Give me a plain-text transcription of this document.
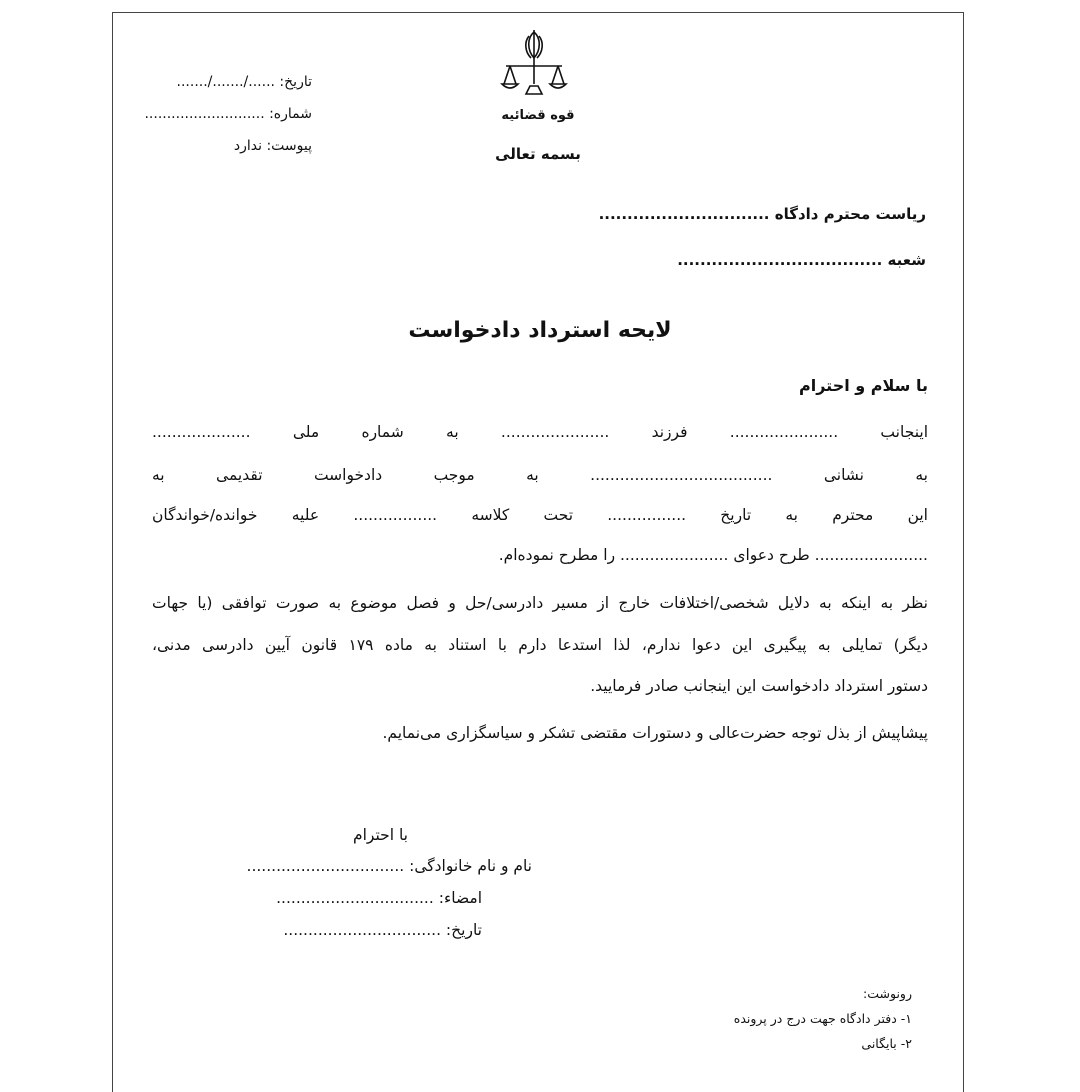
تاریخ: ....../......./.......
شماره: ...........................
پیوست: ندارد
قوه قضائیه
بسمه تعالی
ریاست محترم دادگاه ..............................
شعبه ....................................
لایحه استرداد دادخواست
با سلام و احترام
اینجانب ...................... فرزند ...................... به شماره ملی ....................
به نشانی ..................................... به موجب دادخواست تقدیمی به
این محترم به تاریخ ................ تحت کلاسه ................. علیه خوانده/خواندگان
....................... طرح دعوای ...................... را مطرح نموده‌ام.
نظر به اینکه به دلایل شخصی/اختلافات خارج از مسیر دادرسی/حل و فصل موضوع به صورت توافقی (یا جهات
دیگر) تمایلی به پیگیری این دعوا ندارم، لذا استدعا دارم با استناد به ماده ۱۷۹ قانون آیین دادرسی مدنی،
دستور استرداد دادخواست این اینجانب صادر فرمایید.
پیشاپیش از بذل توجه حضرت‌عالی و دستورات مقتضی تشکر و سیاسگزاری می‌نمایم.
با احترام
نام و نام خانوادگی: ................................
امضاء: ................................
تاریخ: ................................
رونوشت:
۱- دفتر دادگاه جهت درج در پرونده
۲- بایگانی
